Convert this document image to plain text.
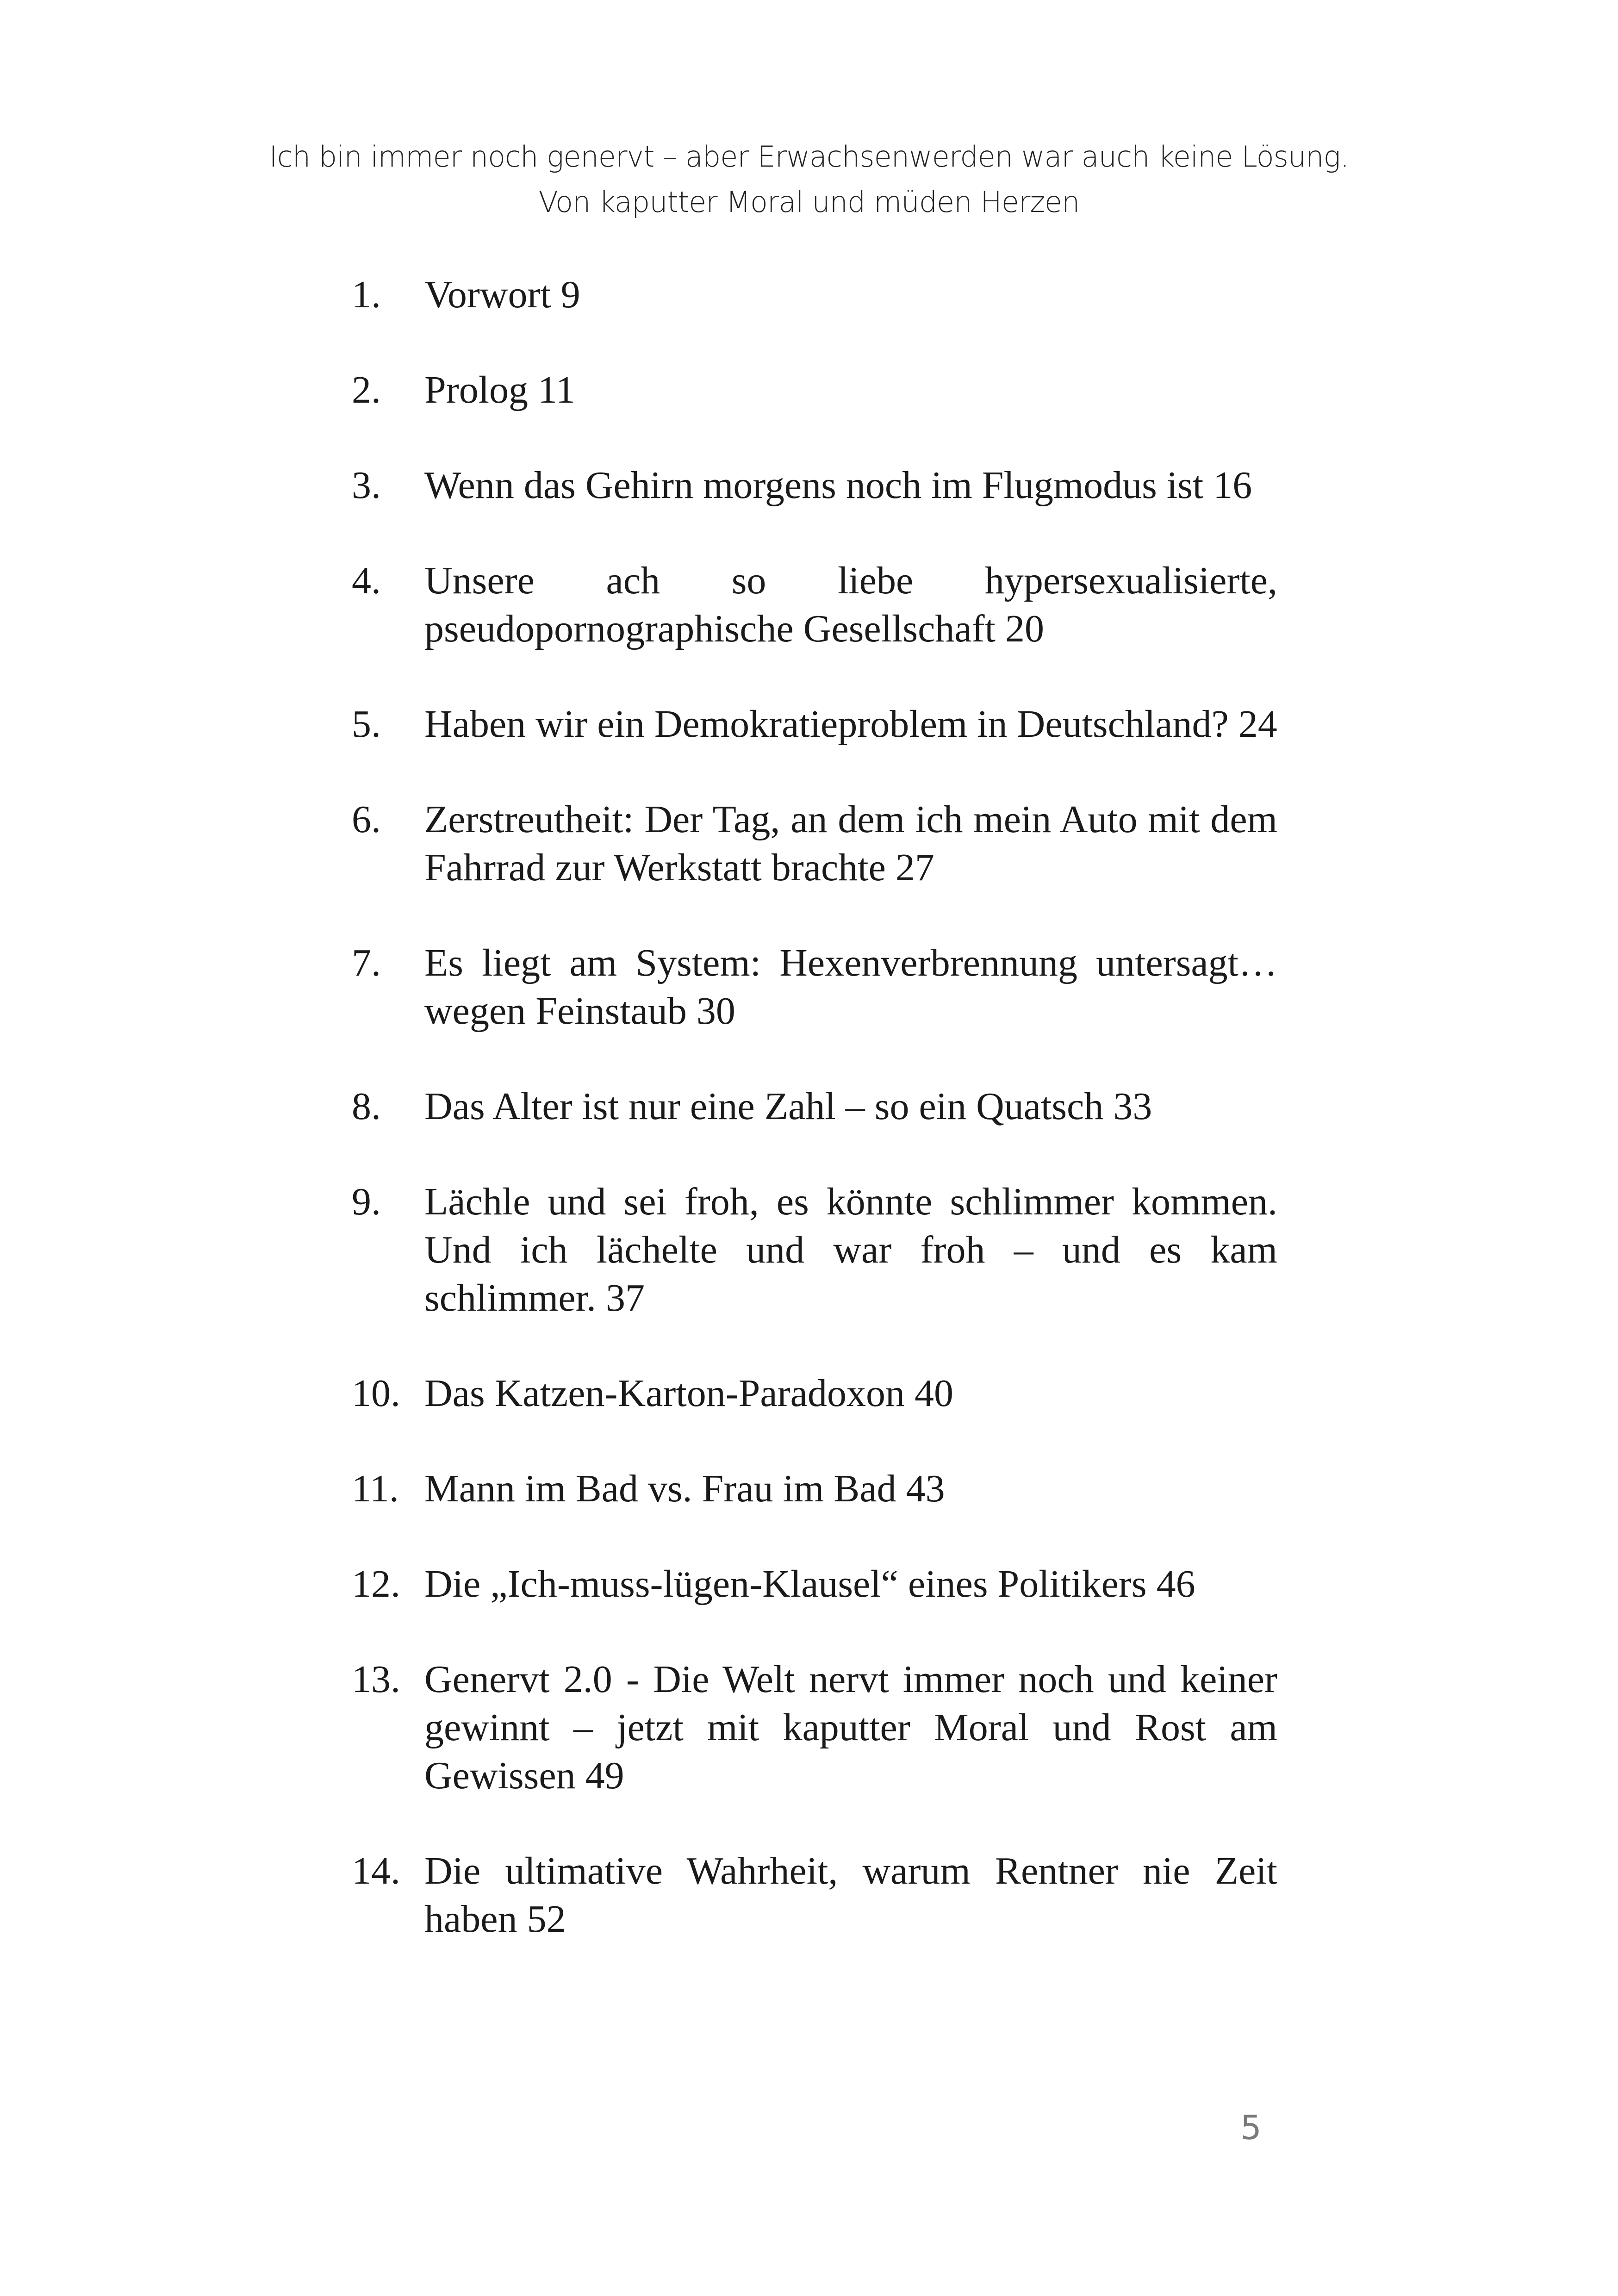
Ich bin immer noch genervt – aber Erwachsenwerden war auch keine Lösung.
Von kaputter Moral und müden Herzen
1. Vorwort 9
2. Prolog 11
3. Wenn das Gehirn morgens noch im Flugmodus ist 16
4. Unsere ach so liebe hypersexualisierte, pseudopornographische Gesellschaft 20
5. Haben wir ein Demokratieproblem in Deutschland? 24
6. Zerstreutheit: Der Tag, an dem ich mein Auto mit dem Fahrrad zur Werkstatt brachte 27
7. Es liegt am System: Hexenverbrennung untersagt… wegen Feinstaub 30
8. Das Alter ist nur eine Zahl – so ein Quatsch 33
9. Lächle und sei froh, es könnte schlimmer kommen. Und ich lächelte und war froh – und es kam schlimmer. 37
10. Das Katzen-Karton-Paradoxon 40
11. Mann im Bad vs. Frau im Bad 43
12. Die „Ich-muss-lügen-Klausel“ eines Politikers 46
13. Genervt 2.0 - Die Welt nervt immer noch und keiner gewinnt – jetzt mit kaputter Moral und Rost am Gewissen 49
14. Die ultimative Wahrheit, warum Rentner nie Zeit haben 52
5
